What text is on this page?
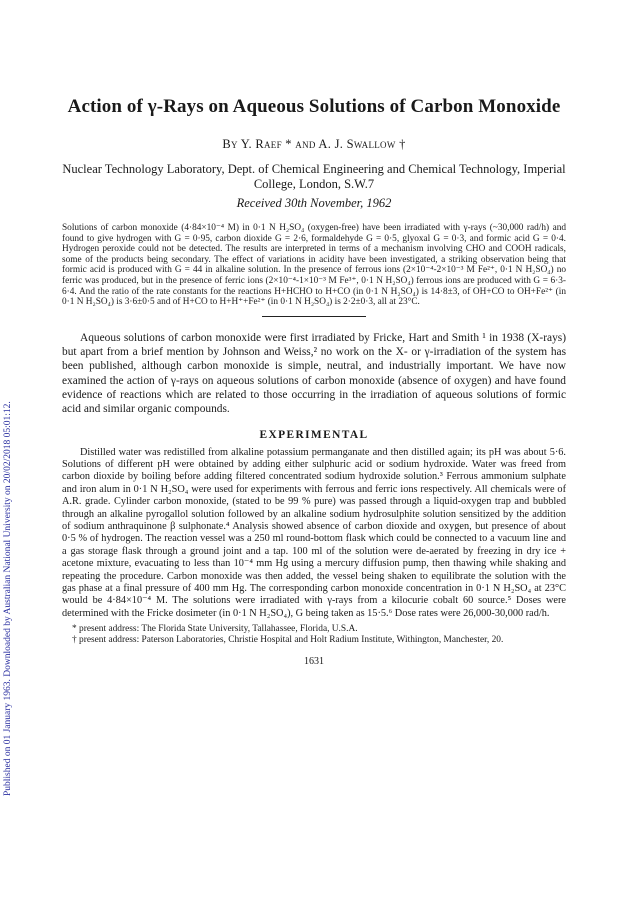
Published on 01 January 1963. Downloaded by Australian National University on 20/02/2018 05:01:12.
Action of γ-Rays on Aqueous Solutions of Carbon Monoxide

By Y. Raef * and A. J. Swallow †

Nuclear Technology Laboratory, Dept. of Chemical Engineering and Chemical Technology, Imperial College, London, S.W.7

Received 30th November, 1962

Solutions of carbon monoxide (4·84×10⁻⁴ M) in 0·1 N H₂SO₄ (oxygen-free) have been irradiated with γ-rays (~30,000 rad/h) and found to give hydrogen with G = 0·95, carbon dioxide G = 2·6, formaldehyde G = 0·5, glyoxal G = 0·3, and formic acid G = 0·4. Hydrogen peroxide could not be detected. The results are interpreted in terms of a mechanism involving CHO and COOH radicals, some of the products being secondary. The effect of variations in acidity have been investigated, a striking observation being that formic acid is produced with G = 44 in alkaline solution. In the presence of ferrous ions (2×10⁻⁴-2×10⁻³ M Fe²⁺, 0·1 N H₂SO₄) no ferric was produced, but in the presence of ferric ions (2×10⁻⁴-1×10⁻³ M Fe³⁺, 0·1 N H₂SO₄) ferrous ions are produced with G = 6·3-6·4. And the ratio of the rate constants for the reactions H+HCHO to H+CO (in 0·1 N H₂SO₄) is 14·8±3, of OH+CO to OH+Fe²⁺ (in 0·1 N H₂SO₄) is 3·6±0·5 and of H+CO to H+H⁺+Fe²⁺ (in 0·1 N H₂SO₄) is 2·2±0·3, all at 23°C.

Aqueous solutions of carbon monoxide were first irradiated by Fricke, Hart and Smith ¹ in 1938 (X-rays) but apart from a brief mention by Johnson and Weiss,² no work on the X- or γ-irradiation of the system has been published, although carbon monoxide is simple, neutral, and industrially important. We have now examined the action of γ-rays on aqueous solutions of carbon monoxide (absence of oxygen) and have found evidence of reactions which are related to those occurring in the irradiation of aqueous solutions of formic acid and similar organic compounds.

EXPERIMENTAL

Distilled water was redistilled from alkaline potassium permanganate and then distilled again; its pH was about 5·6. Solutions of different pH were obtained by adding either sulphuric acid or sodium hydroxide. Water was freed from carbon dioxide by boiling before adding filtered concentrated sodium hydroxide solution.³ Ferrous ammonium sulphate and iron alum in 0·1 N H₂SO₄ were used for experiments with ferrous and ferric ions respectively. All chemicals were of A.R. grade. Cylinder carbon monoxide, (stated to be 99 % pure) was passed through a liquid-oxygen trap and bubbled through an alkaline pyrogallol solution followed by an alkaline sodium hydrosulphite solution sensitized by the addition of sodium anthraquinone β sulphonate.⁴ Analysis showed absence of carbon dioxide and oxygen, but presence of about 0·5 % of hydrogen. The reaction vessel was a 250 ml round-bottom flask which could be connected to a vacuum line and a gas storage flask through a ground joint and a tap. 100 ml of the solution were de-aerated by freezing in dry ice + acetone mixture, evacuating to less than 10⁻⁴ mm Hg using a mercury diffusion pump, then thawing while shaking and repeating the procedure. Carbon monoxide was then added, the vessel being shaken to equilibrate the solution with the gas phase at a final pressure of 400 mm Hg. The corresponding carbon monoxide concentration in 0·1 N H₂SO₄ at 23°C would be 4·84×10⁻⁴ M. The solutions were irradiated with γ-rays from a kilocurie cobalt 60 source.⁵ Doses were determined with the Fricke dosimeter (in 0·1 N H₂SO₄), G being taken as 15·5.⁶ Dose rates were 26,000-30,000 rad/h.

* present address: The Florida State University, Tallahassee, Florida, U.S.A.

† present address: Paterson Laboratories, Christie Hospital and Holt Radium Institute, Withington, Manchester, 20.

1631
